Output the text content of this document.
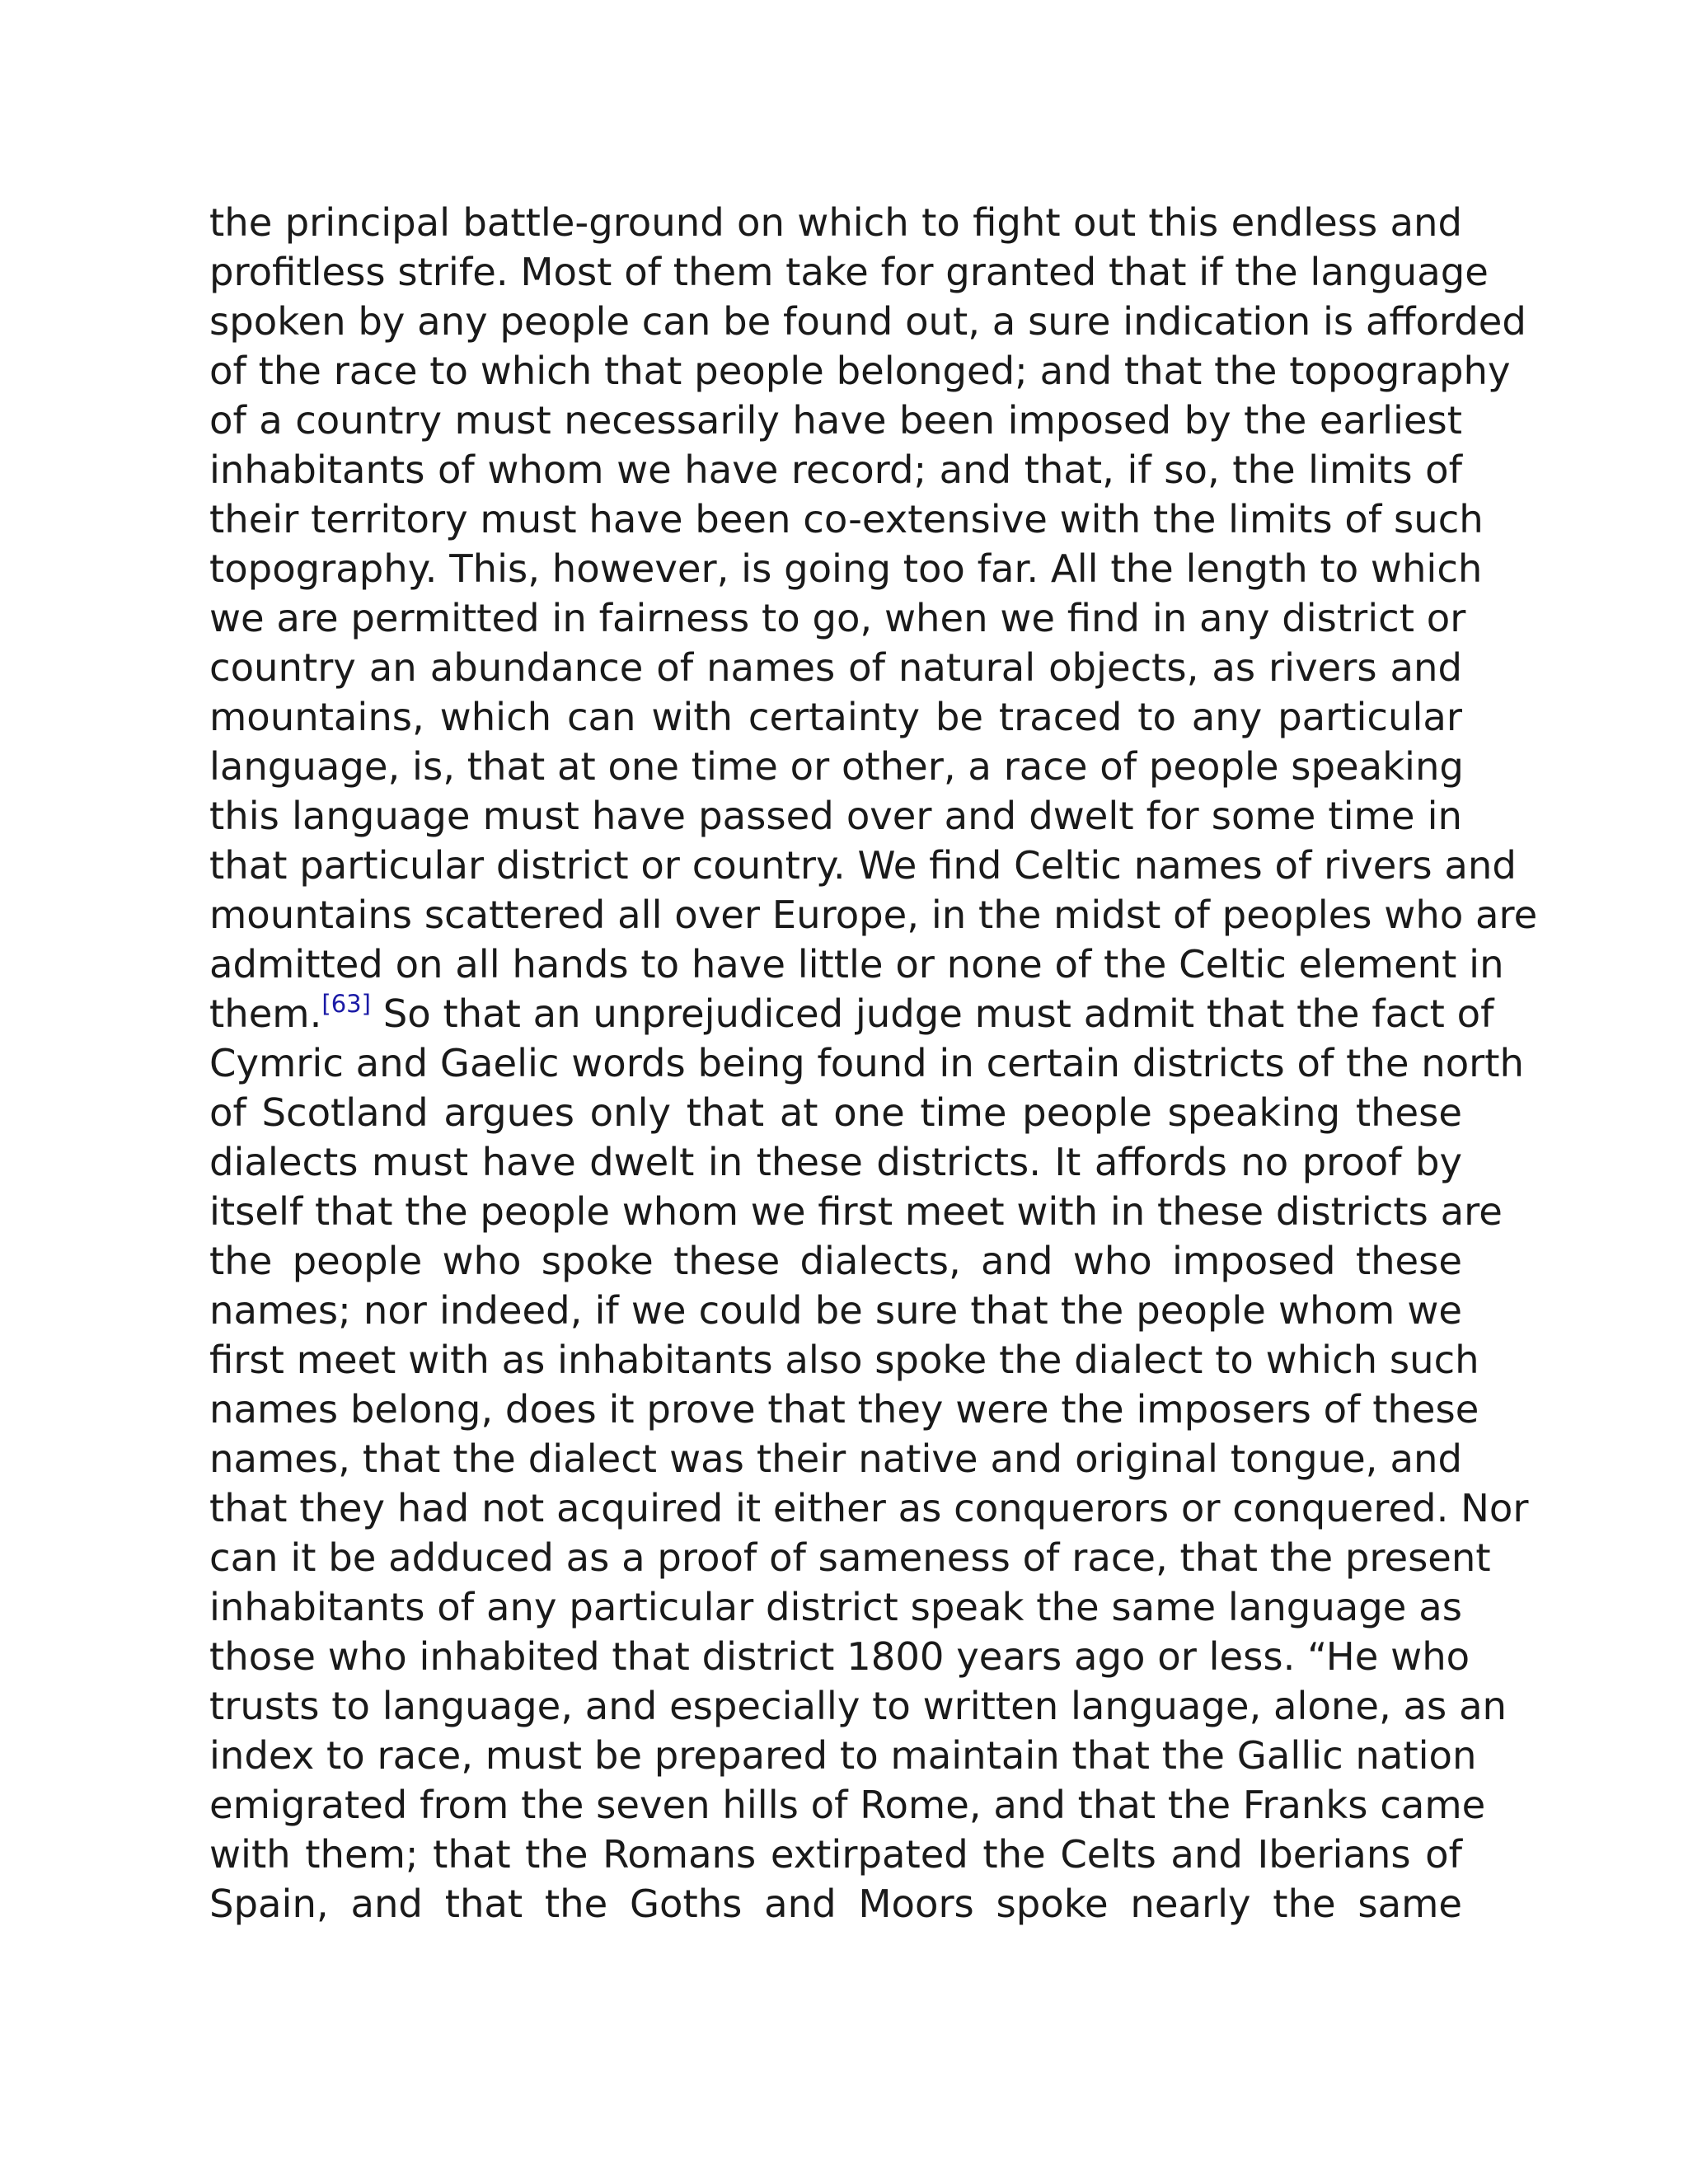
the principal battle-ground on which to fight out this endless and
profitless strife. Most of them take for granted that if the language
spoken by any people can be found out, a sure indication is afforded
of the race to which that people belonged; and that the topography
of a country must necessarily have been imposed by the earliest
inhabitants of whom we have record; and that, if so, the limits of
their territory must have been co-extensive with the limits of such
topography. This, however, is going too far. All the length to which
we are permitted in fairness to go, when we find in any district or
country an abundance of names of natural objects, as rivers and
mountains, which can with certainty be traced to any particular
language, is, that at one time or other, a race of people speaking
this language must have passed over and dwelt for some time in
that particular district or country. We find Celtic names of rivers and
mountains scattered all over Europe, in the midst of peoples who are
admitted on all hands to have little or none of the Celtic element in
them.[63] So that an unprejudiced judge must admit that the fact of
Cymric and Gaelic words being found in certain districts of the north
of Scotland argues only that at one time people speaking these
dialects must have dwelt in these districts. It affords no proof by
itself that the people whom we first meet with in these districts are
the people who spoke these dialects, and who imposed these
names; nor indeed, if we could be sure that the people whom we
first meet with as inhabitants also spoke the dialect to which such
names belong, does it prove that they were the imposers of these
names, that the dialect was their native and original tongue, and
that they had not acquired it either as conquerors or conquered. Nor
can it be adduced as a proof of sameness of race, that the present
inhabitants of any particular district speak the same language as
those who inhabited that district 1800 years ago or less. “He who
trusts to language, and especially to written language, alone, as an
index to race, must be prepared to maintain that the Gallic nation
emigrated from the seven hills of Rome, and that the Franks came
with them; that the Romans extirpated the Celts and Iberians of
Spain, and that the Goths and Moors spoke nearly the same
